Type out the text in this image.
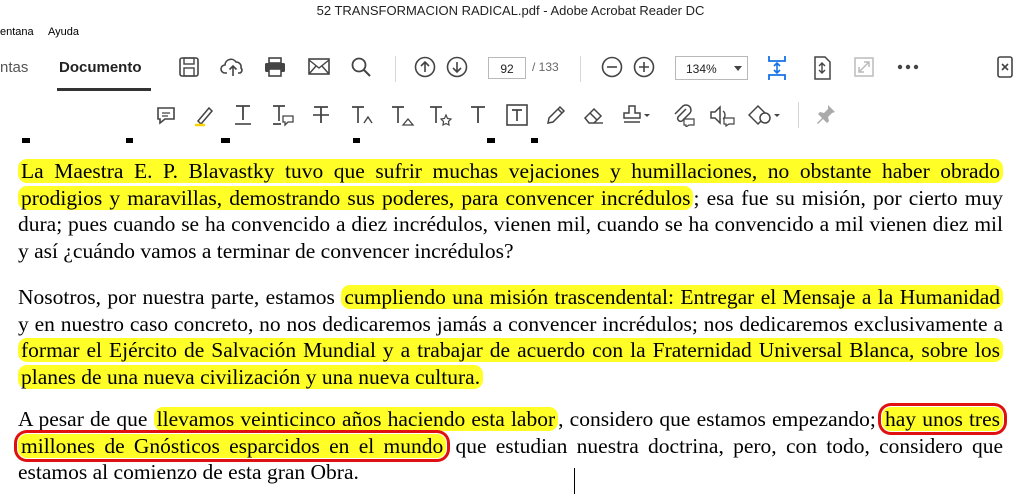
52 TRANSFORMACION RADICAL.pdf - Adobe Acrobat Reader DC
entana Ayuda
ntas Documento	92	/ 133	134%
La Maestra E. P. Blavastky tuvo que sufrir muchas vejaciones y humillaciones, no obstante haber obrado prodigios y maravillas, demostrando sus poderes, para convencer incrédulos ; esa fue su misión, por cierto muy dura; pues cuando se ha convencido a diez incrédulos, vienen mil, cuando se ha convencido a mil vienen diez mil y así ¿cuándo vamos a terminar de convencer incrédulos?
Nosotros, por nuestra parte, estamos cumpliendo una misión trascendental: Entregar el Mensaje a la Humanidad y en nuestro caso concreto, no nos dedicaremos jamás a convencer incrédulos; nos dedicaremos exclusivamente a formar el Ejército de Salvación Mundial y a trabajar de acuerdo con la Fraternidad Universal Blanca, sobre los planes de una nueva civilización y una nueva cultura.
A pesar de que llevamos veinticinco años haciendo esta labor , considero que estamos empezando; hay unos tres millones de Gnósticos esparcidos en el mundo que estudian nuestra doctrina, pero, con todo, considero que estamos al comienzo de esta gran Obra.
